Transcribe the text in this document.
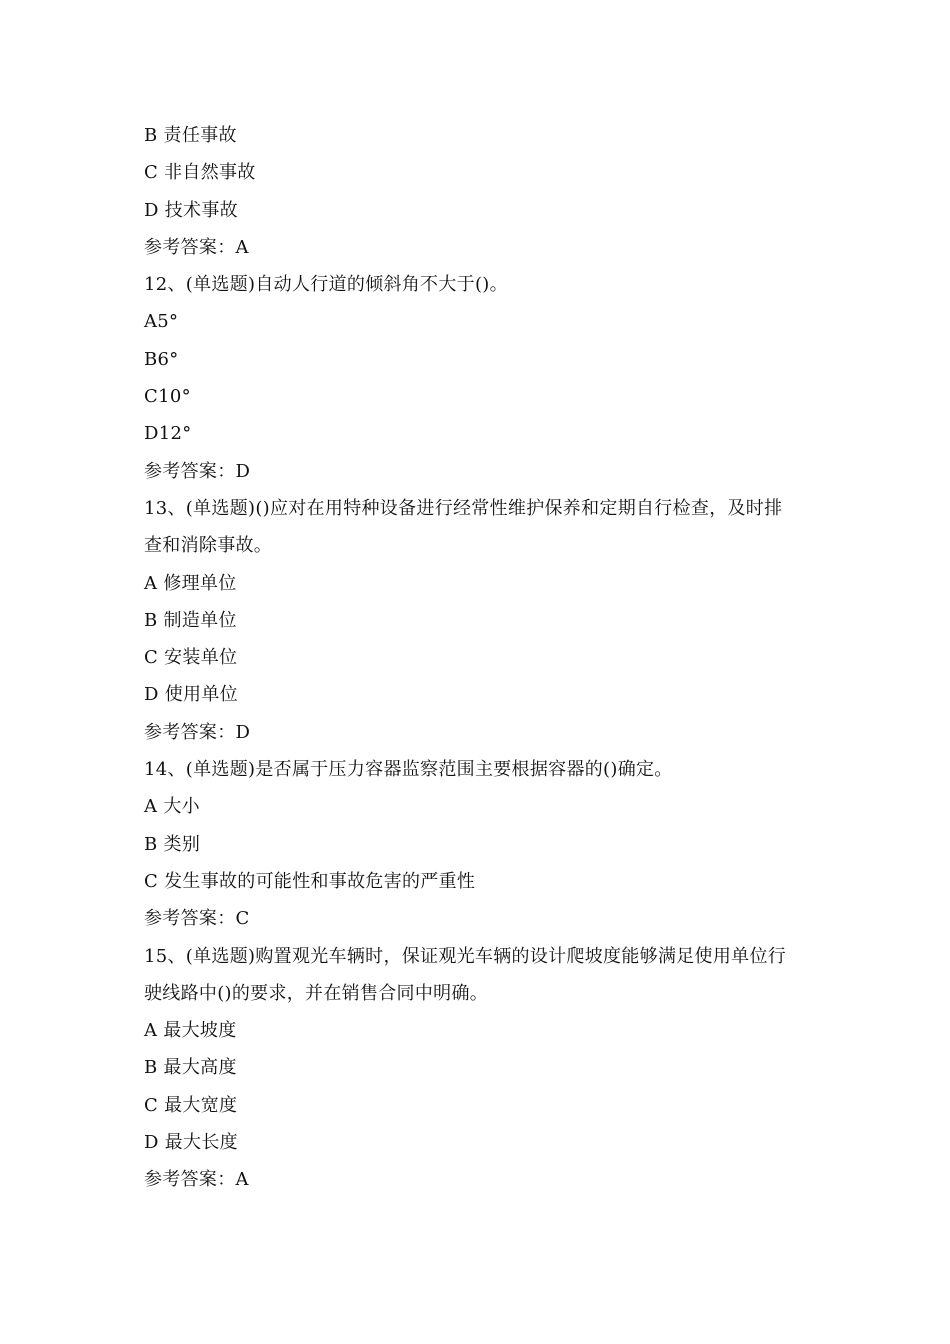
B 责任事故
C 非自然事故
D 技术事故
参考答案：A
12、(单选题)自动人行道的倾斜角不大于()。
A5°
B6°
C10°
D12°
参考答案：D
13、(单选题)()应对在用特种设备进行经常性维护保养和定期自行检查，及时排
查和消除事故。
A 修理单位
B 制造单位
C 安装单位
D 使用单位
参考答案：D
14、(单选题)是否属于压力容器监察范围主要根据容器的()确定。
A 大小
B 类别
C 发生事故的可能性和事故危害的严重性
参考答案：C
15、(单选题)购置观光车辆时，保证观光车辆的设计爬坡度能够满足使用单位行
驶线路中()的要求，并在销售合同中明确。
A 最大坡度
B 最大高度
C 最大宽度
D 最大长度
参考答案：A
